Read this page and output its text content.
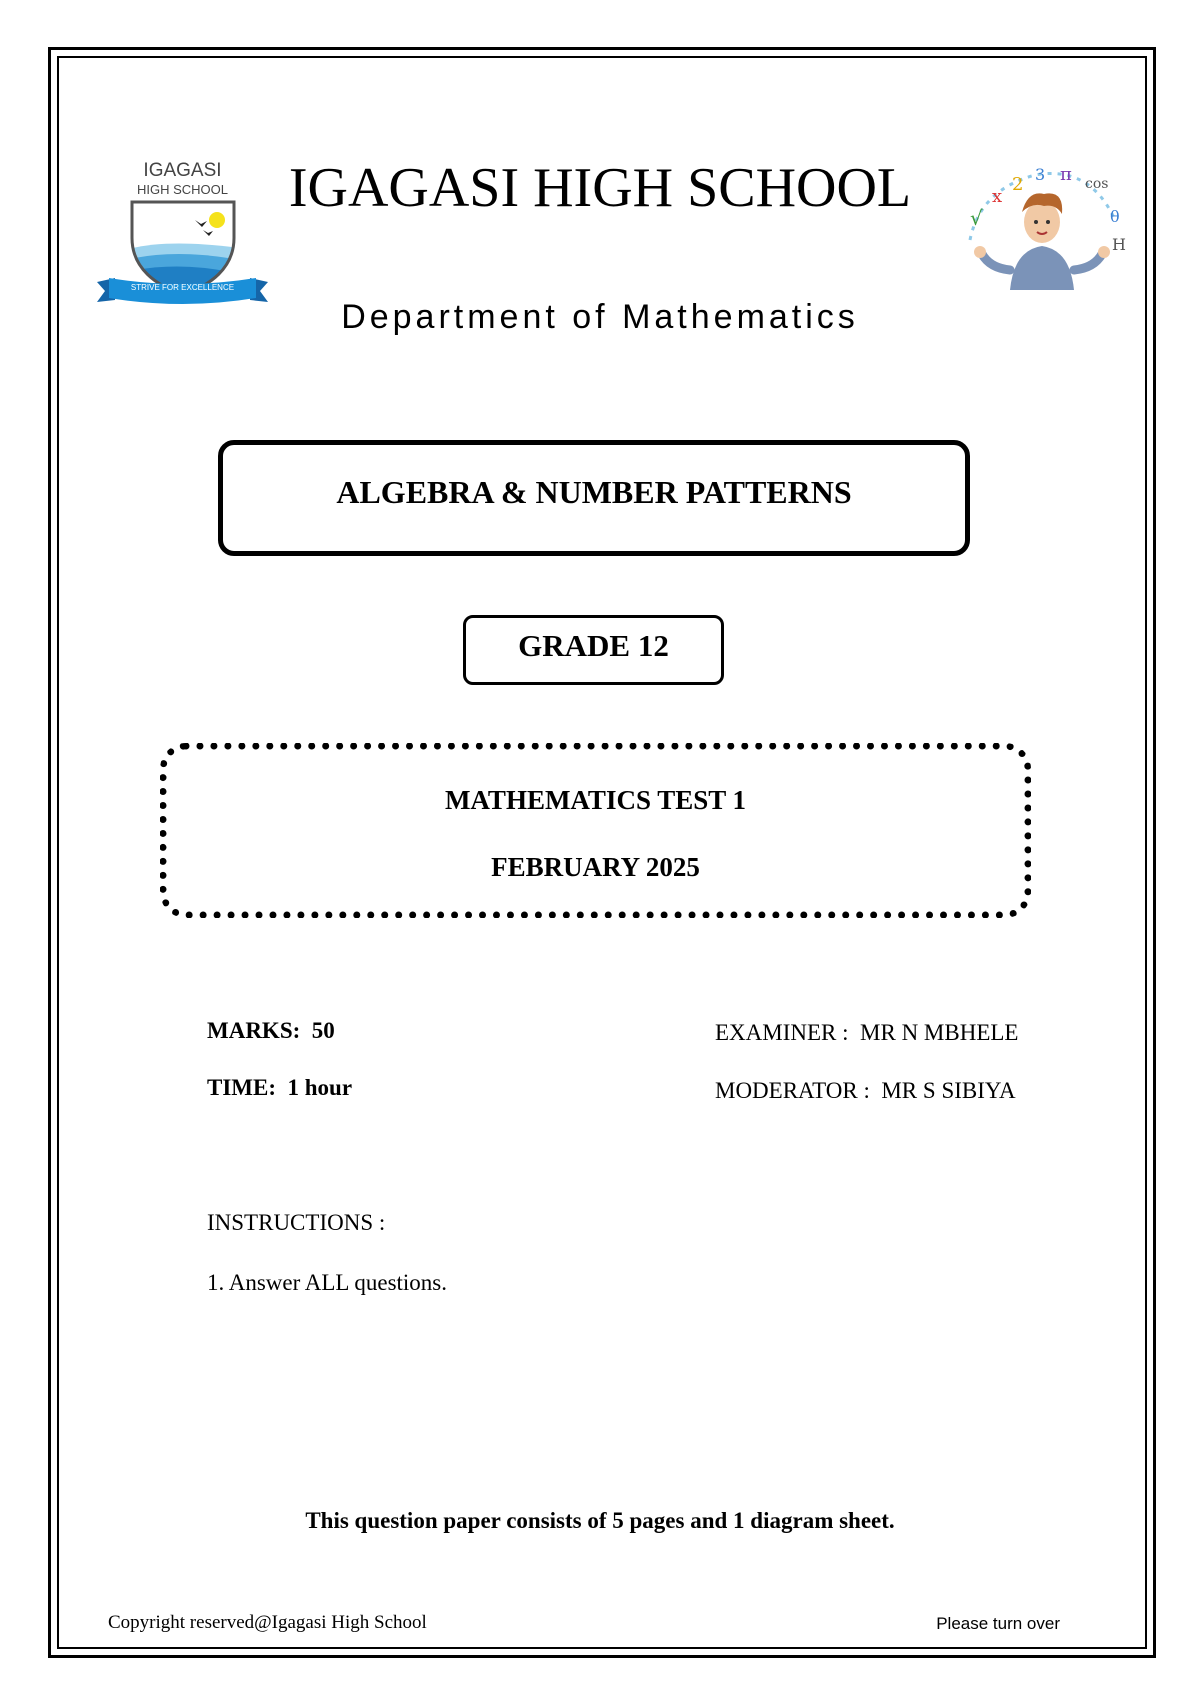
IGAGASI
HIGH SCHOOL
STRIVE FOR EXCELLENCE
IGAGASI HIGH SCHOOL
Department of Mathematics
√
x
2 3 π cos
θ
H
ALGEBRA & NUMBER PATTERNS
GRADE 12
MATHEMATICS TEST 1
FEBRUARY 2025
MARKS: 50
TIME: 1 hour
EXAMINER : MR N MBHELE
MODERATOR : MR S SIBIYA
INSTRUCTIONS :
1. Answer ALL questions.
This question paper consists of 5 pages and 1 diagram sheet.
Copyright reserved@Igagasi High School	Please turn over
